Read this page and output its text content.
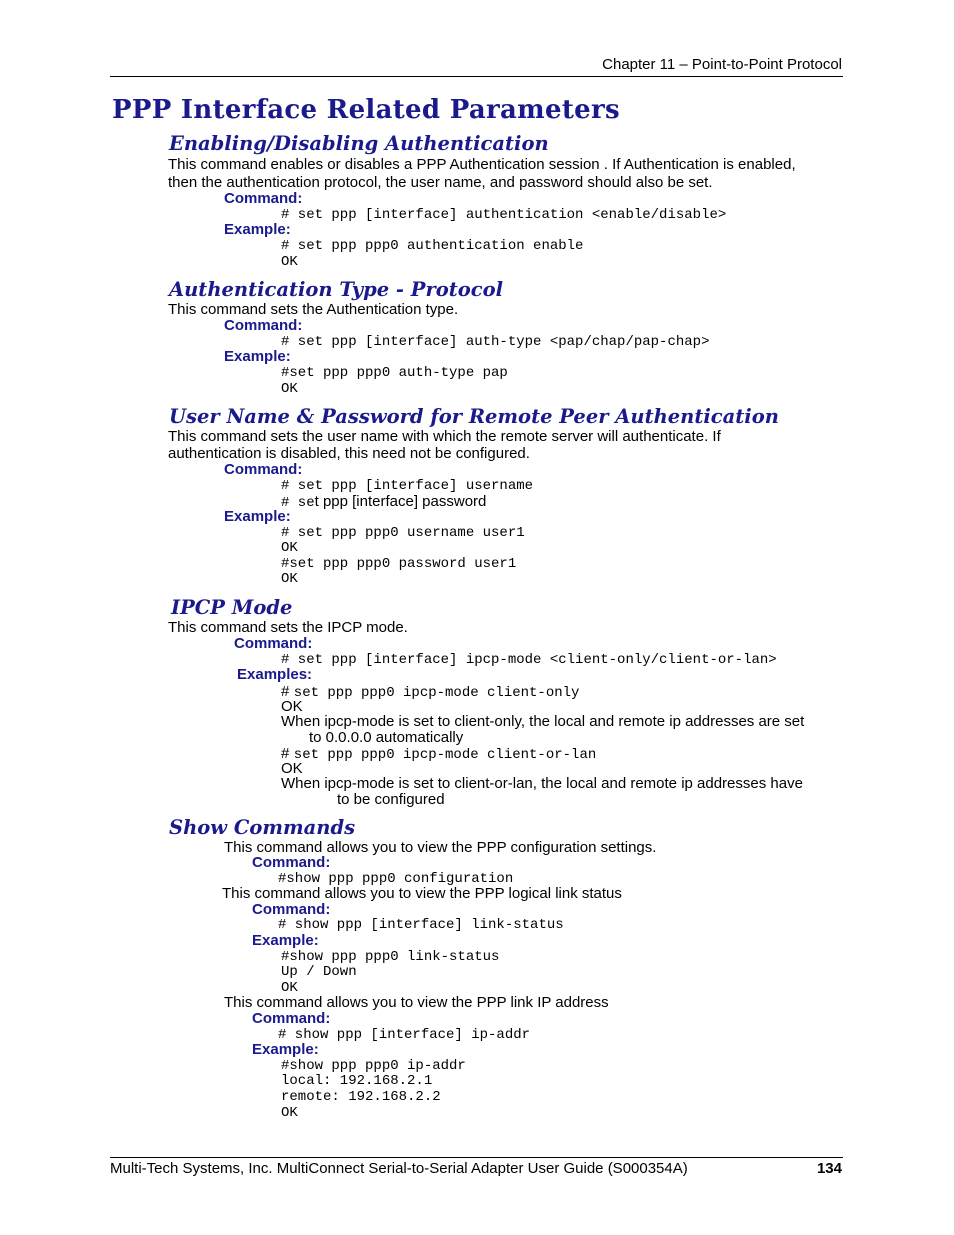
Chapter 11 – Point-to-Point Protocol
PPP Interface Related Parameters
Enabling/Disabling Authentication
This command enables or disables a PPP Authentication session . If Authentication is enabled,
then the authentication protocol, the user name, and password should also be set.
Command:
# set ppp [interface] authentication <enable/disable>
Example:
# set ppp ppp0 authentication enable
OK
Authentication Type - Protocol
This command sets the Authentication type.
Command:
# set ppp [interface] auth-type <pap/chap/pap-chap>
Example:
#set ppp ppp0 auth-type pap
OK
User Name & Password for Remote Peer Authentication
This command sets the user name with which the remote server will authenticate. If
authentication is disabled, this need not be configured.
Command:
# set ppp [interface] username
# set ppp [interface] password
Example:
# set ppp ppp0 username user1
OK
#set ppp ppp0 password user1
OK
IPCP Mode
This command sets the IPCP mode.
Command:
# set ppp [interface] ipcp-mode <client-only/client-or-lan>
Examples:
# set ppp ppp0 ipcp-mode client-only
OK
When ipcp-mode is set to client-only, the local and remote ip addresses are set
to 0.0.0.0 automatically
# set ppp ppp0 ipcp-mode client-or-lan
OK
When ipcp-mode is set to client-or-lan, the local and remote ip addresses have
to be configured
Show Commands
This command allows you to view the PPP configuration settings.
Command:
#show ppp ppp0 configuration
This command allows you to view the PPP logical link status
Command:
# show ppp [interface] link-status
Example:
#show ppp ppp0 link-status
Up / Down
OK
This command allows you to view the PPP link IP address
Command:
# show ppp [interface] ip-addr
Example:
#show ppp ppp0 ip-addr
local: 192.168.2.1
remote: 192.168.2.2
OK
Multi-Tech Systems, Inc. MultiConnect Serial-to-Serial Adapter User Guide (S000354A)	134
